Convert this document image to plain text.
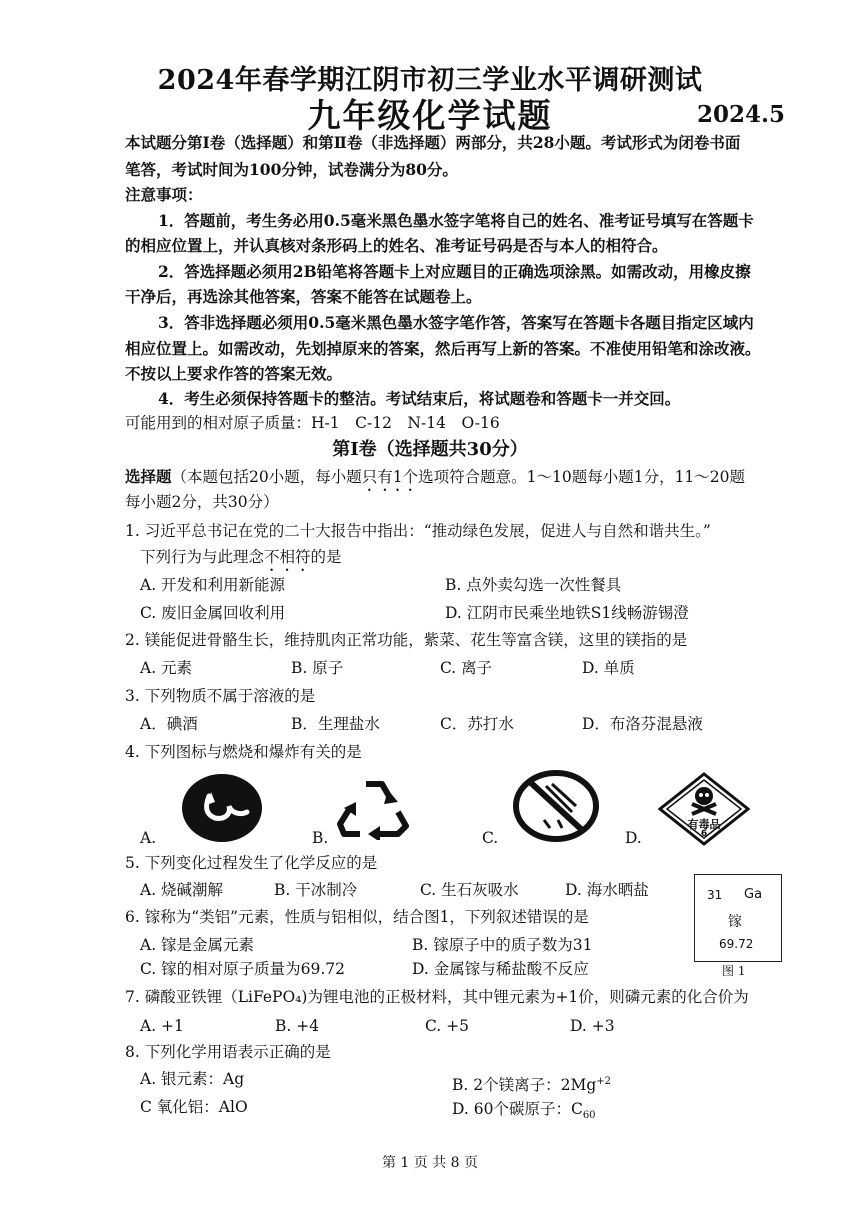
2024年春学期江阴市初三学业水平调研测试
九年级化学试题	2024.5
本试题分第Ⅰ卷（选择题）和第Ⅱ卷（非选择题）两部分，共28小题。考试形式为闭卷书面
笔答，考试时间为100分钟，试卷满分为80分。
注意事项：
1．答题前，考生务必用0.5毫米黑色墨水签字笔将自己的姓名、准考证号填写在答题卡
的相应位置上，并认真核对条形码上的姓名、准考证号码是否与本人的相符合。
2．答选择题必须用2B铅笔将答题卡上对应题目的正确选项涂黑。如需改动，用橡皮擦
干净后，再选涂其他答案，答案不能答在试题卷上。
3．答非选择题必须用0.5毫米黑色墨水签字笔作答，答案写在答题卡各题目指定区域内
相应位置上。如需改动，先划掉原来的答案，然后再写上新的答案。不准使用铅笔和涂改液。
不按以上要求作答的答案无效。
4．考生必须保持答题卡的整洁。考试结束后，将试题卷和答题卡一并交回。
可能用到的相对原子质量：H-1　C-12　N-14　O-16
第Ⅰ卷（选择题共30分）
选择题（本题包括20小题，每小题只有1个选项符合题意。1～10题每小题1分，11～20题
每小题2分，共30分）
1. 习近平总书记在党的二十大报告中指出：“推动绿色发展，促进人与自然和谐共生。”
下列行为与此理念不相符的是
A. 开发和利用新能源	B. 点外卖勾选一次性餐具
C. 废旧金属回收利用	D. 江阴市民乘坐地铁S1线畅游锡澄
2. 镁能促进骨骼生长，维持肌肉正常功能，紫菜、花生等富含镁，这里的镁指的是
A. 元素	B. 原子	C. 离子	D. 单质
3. 下列物质不属于溶液的是
A．碘酒	B．生理盐水	C．苏打水	D．布洛芬混悬液
4. 下列图标与燃烧和爆炸有关的是
A.	B.	C.	D.
有毒品
6
5. 下列变化过程发生了化学反应的是
A. 烧碱潮解	B. 干冰制冷	C. 生石灰吸水	D. 海水晒盐	31 Ga
镓
69.72
图 1
6. 镓称为“类铝”元素，性质与铝相似，结合图1，下列叙述错误的是
A. 镓是金属元素	B. 镓原子中的质子数为31
C. 镓的相对原子质量为69.72	D. 金属镓与稀盐酸不反应
7. 磷酸亚铁锂（LiFePO₄)为锂电池的正极材料，其中锂元素为+1价，则磷元素的化合价为
A. +1	B. +4	C. +5	D. +3
8. 下列化学用语表示正确的是
A. 银元素：Ag	B. 2个镁离子：$2Mg^{+2}$
C 氧化铝：AlO	D. 60个碳原子：$C_{60}$
第 1 页 共 8 页
